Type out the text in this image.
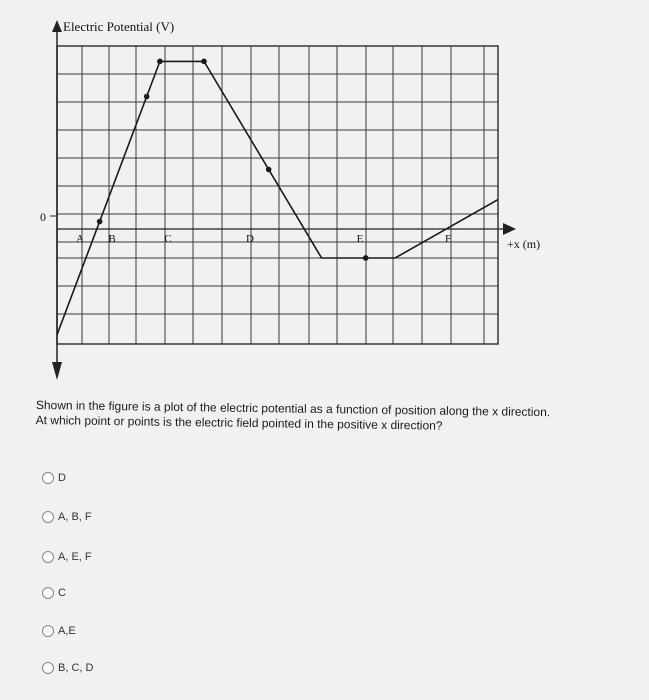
Electric Potential (V)
+x (m)
0
A B	C	D	E	F
Shown in the figure is a plot of the electric potential as a function of position along the x direction. At which point or points is the electric field pointed in the positive x direction?
D
A, B, F
A, E, F
C
A,E
B, C, D
